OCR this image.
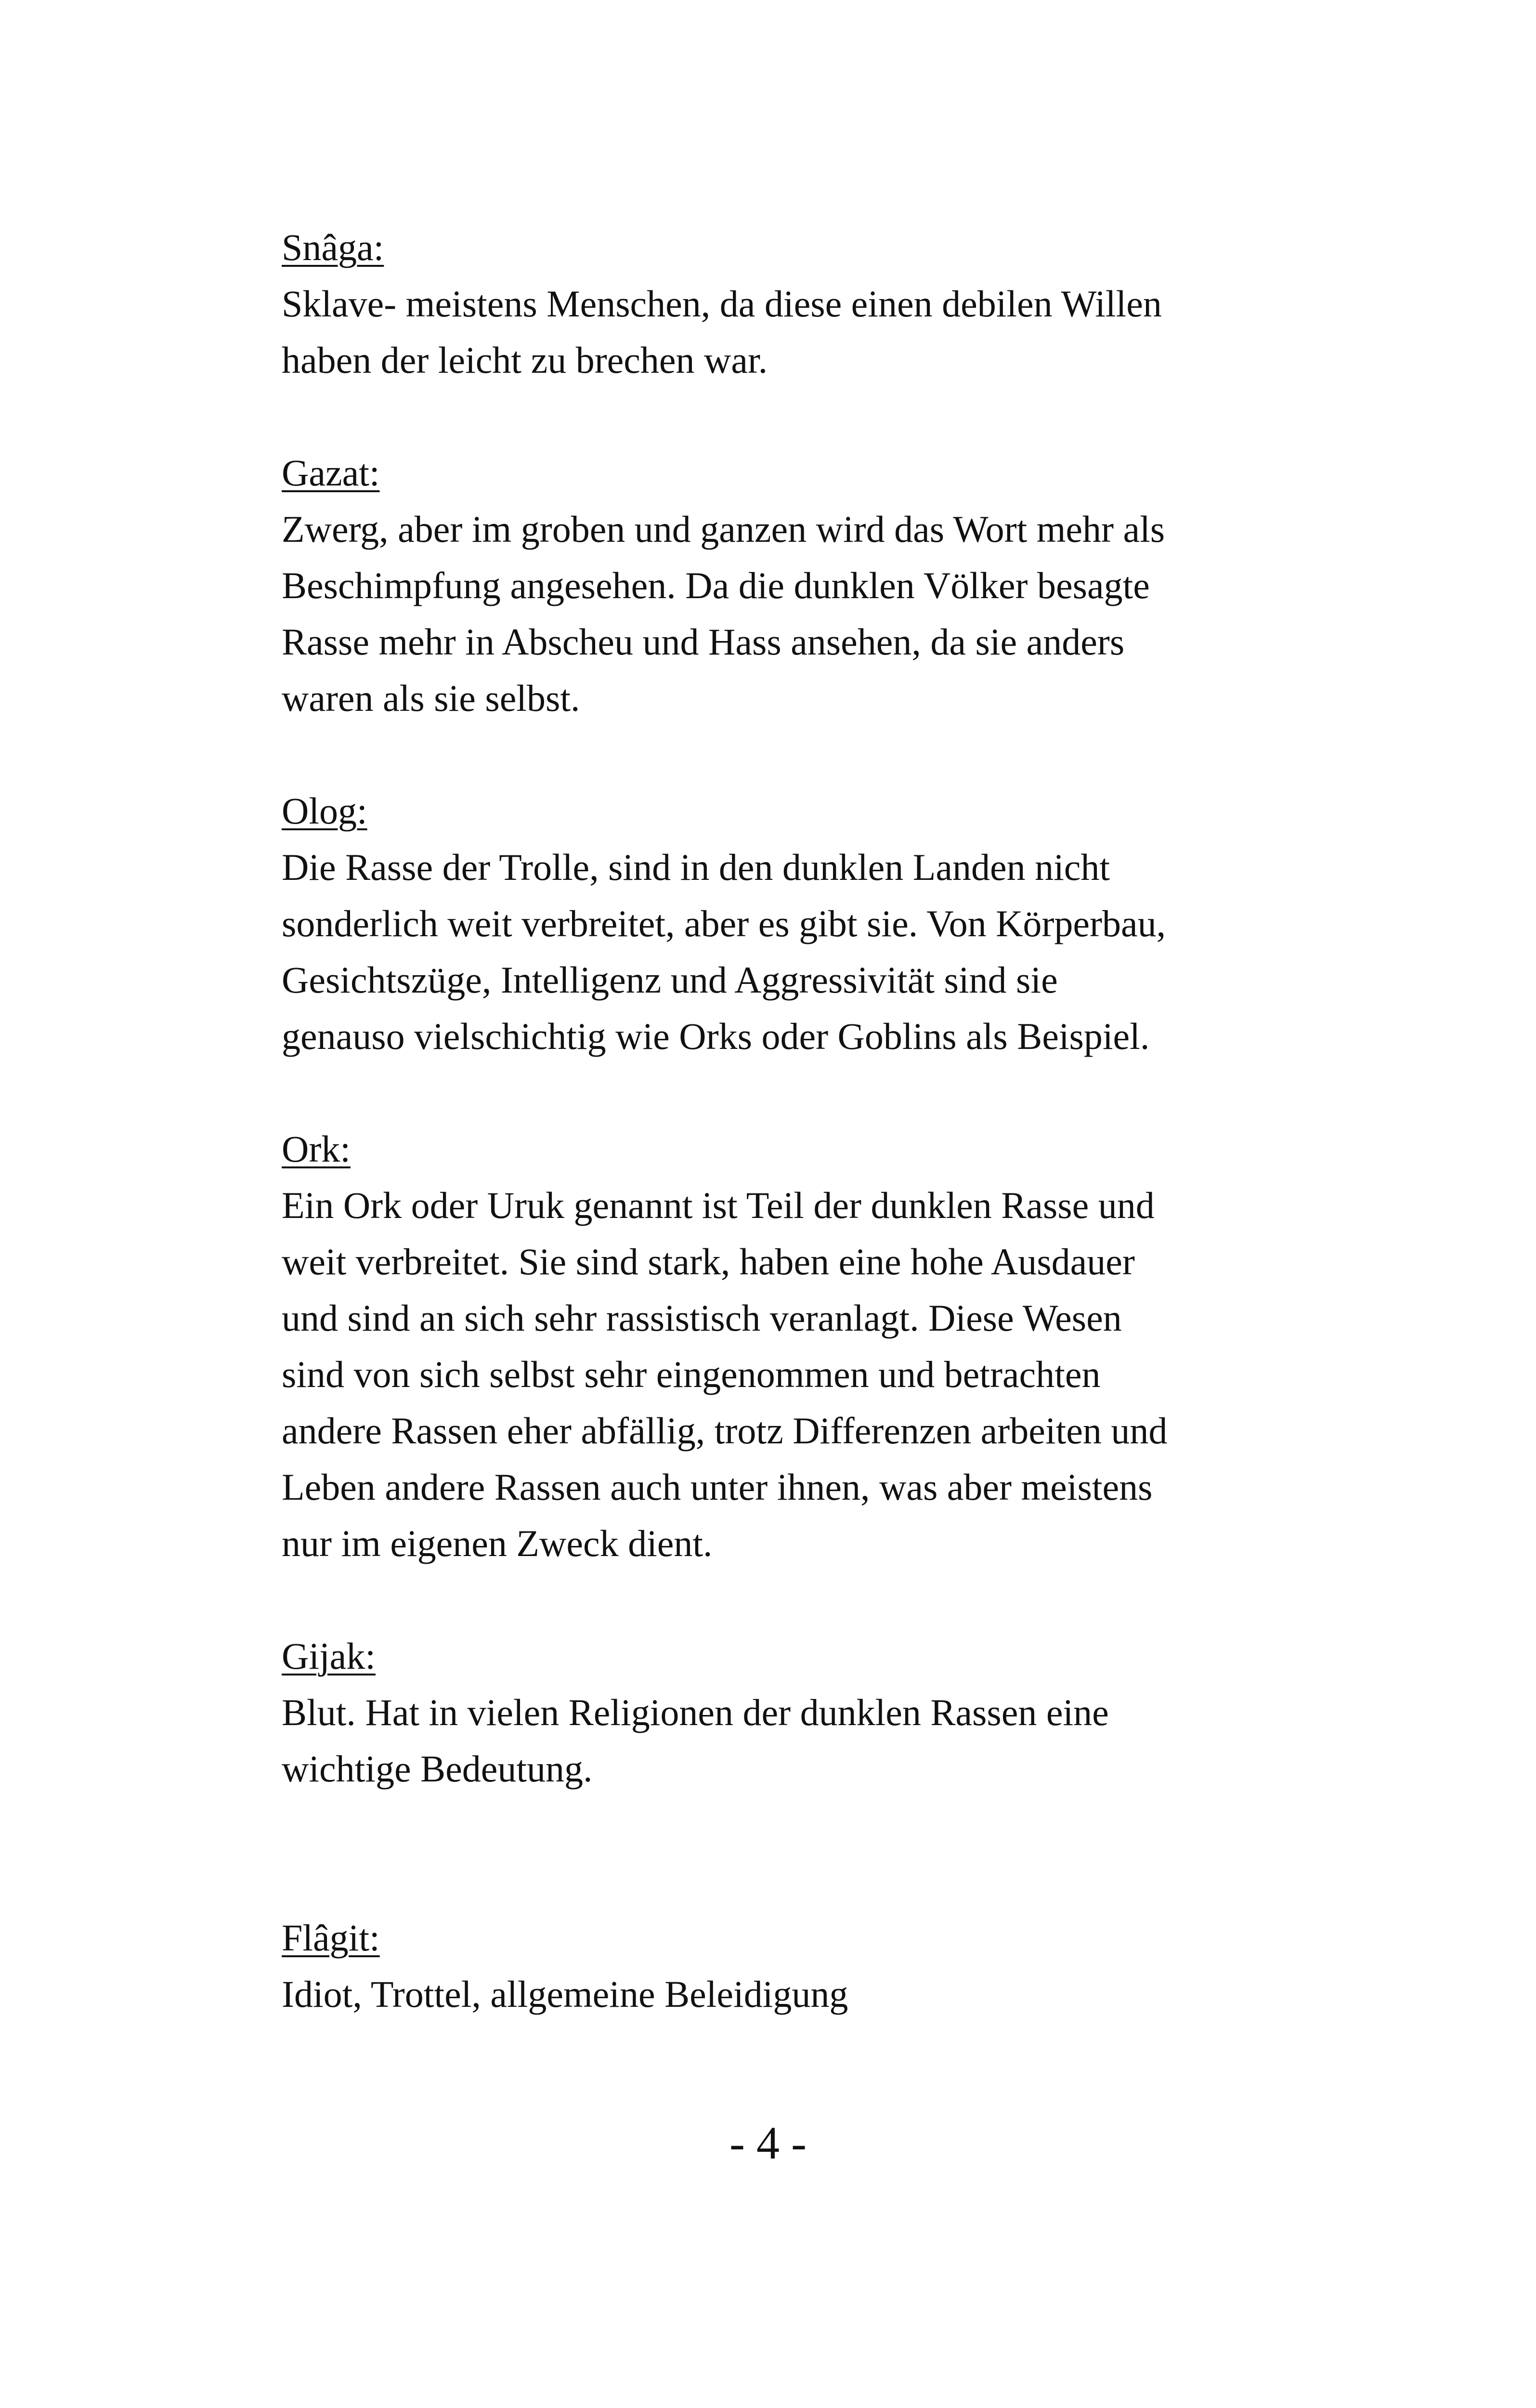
Snâga:

Sklave- meistens Menschen, da diese einen debilen Willen
haben der leicht zu brechen war.

Gazat:

Zwerg, aber im groben und ganzen wird das Wort mehr als
Beschimpfung angesehen. Da die dunklen Völker besagte
Rasse mehr in Abscheu und Hass ansehen, da sie anders
waren als sie selbst.

Olog:

Die Rasse der Trolle, sind in den dunklen Landen nicht
sonderlich weit verbreitet, aber es gibt sie. Von Körperbau,
Gesichtszüge, Intelligenz und Aggressivität sind sie
genauso vielschichtig wie Orks oder Goblins als Beispiel.

Ork:

Ein Ork oder Uruk genannt ist Teil der dunklen Rasse und
weit verbreitet. Sie sind stark, haben eine hohe Ausdauer
und sind an sich sehr rassistisch veranlagt. Diese Wesen
sind von sich selbst sehr eingenommen und betrachten
andere Rassen eher abfällig, trotz Differenzen arbeiten und
Leben andere Rassen auch unter ihnen, was aber meistens
nur im eigenen Zweck dient.

Gijak:

Blut. Hat in vielen Religionen der dunklen Rassen eine
wichtige Bedeutung.

Flâgit:

Idiot, Trottel, allgemeine Beleidigung

- 4 -
